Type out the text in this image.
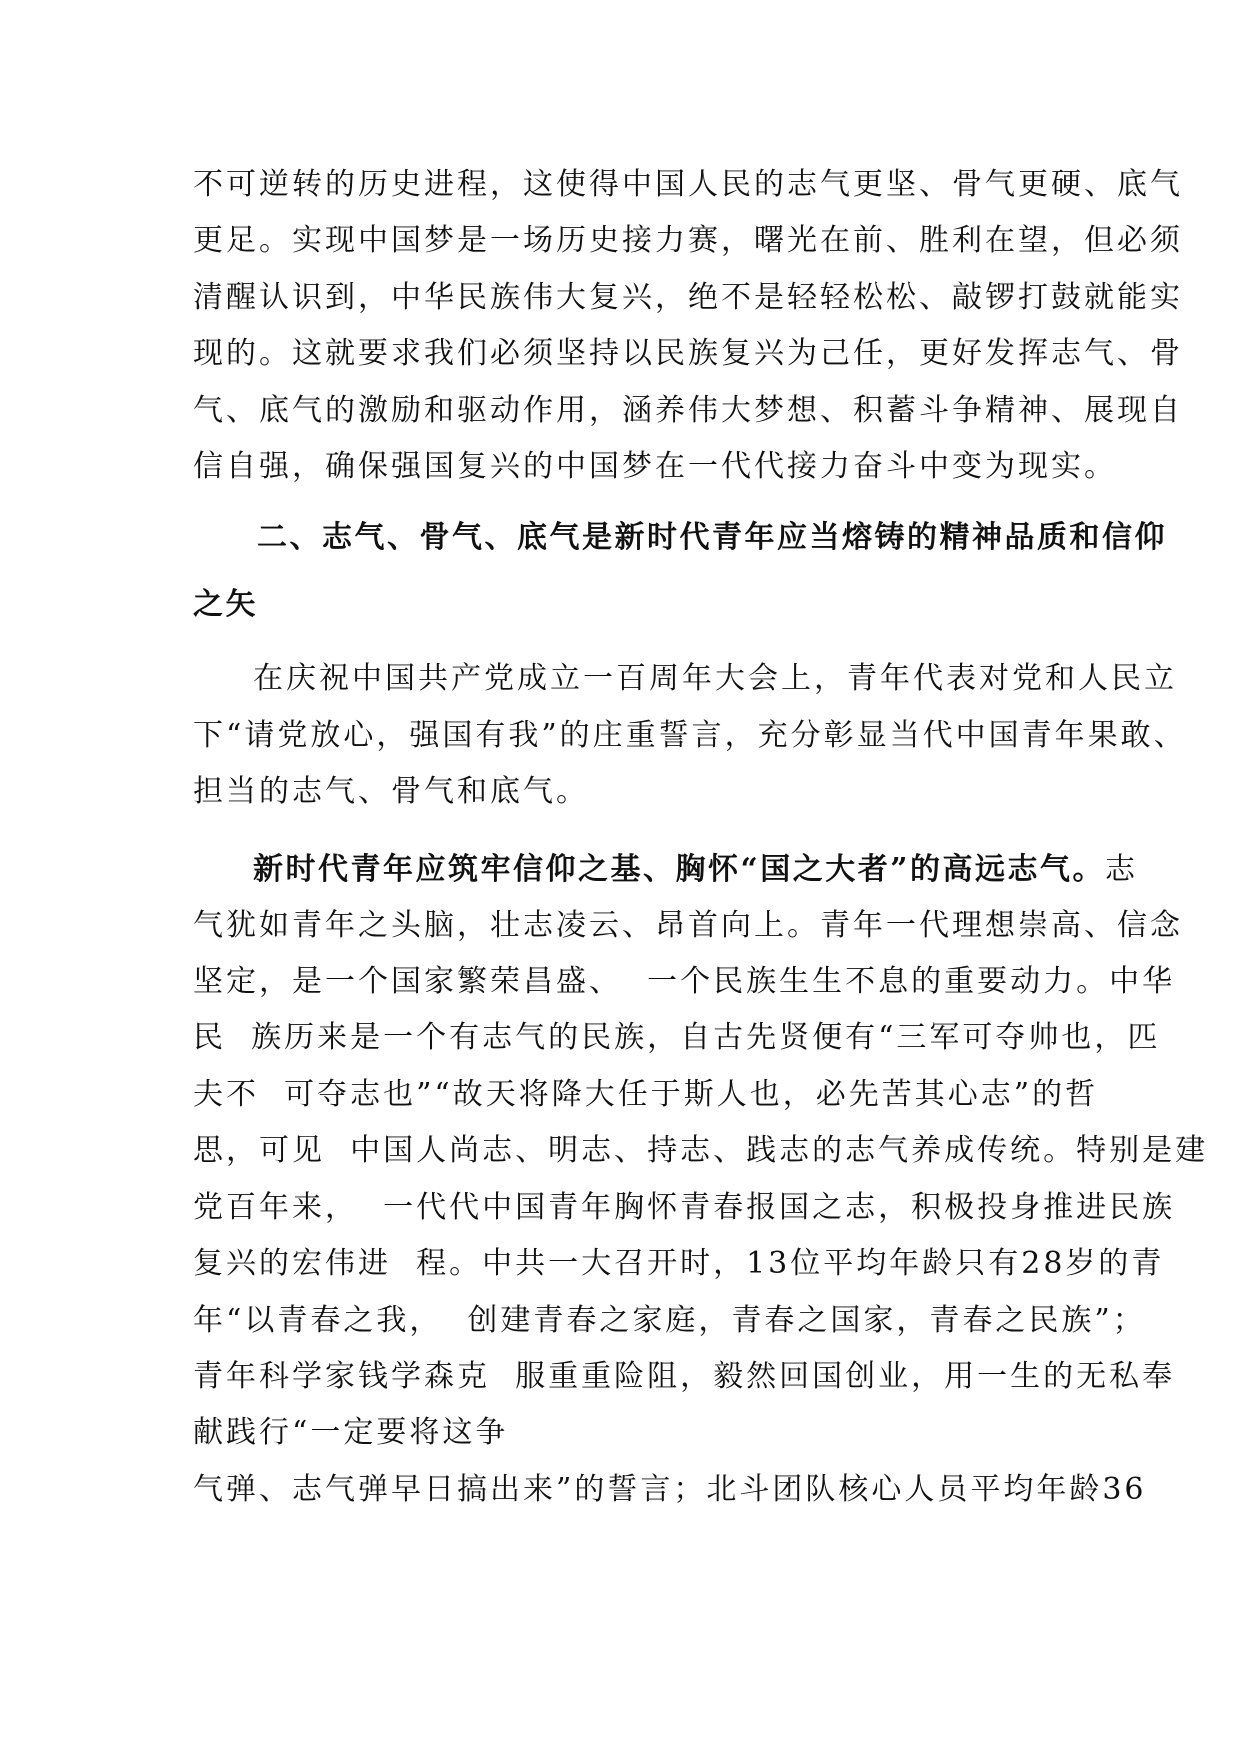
不可逆转的历史进程，这使得中国人民的志气更坚、骨气更硬、底气
更足。实现中国梦是一场历史接力赛，曙光在前、胜利在望，但必须
清醒认识到，中华民族伟大复兴，绝不是轻轻松松、敲锣打鼓就能实
现的。这就要求我们必须坚持以民族复兴为己任，更好发挥志气、骨
气、底气的激励和驱动作用，涵养伟大梦想、积蓄斗争精神、展现自
信自强，确保强国复兴的中国梦在一代代接力奋斗中变为现实。
二、志气、骨气、底气是新时代青年应当熔铸的精神品质和信仰
之矢
在庆祝中国共产党成立一百周年大会上，青年代表对党和人民立
下“请党放心，强国有我”的庄重誓言，充分彰显当代中国青年果敢、
担当的志气、骨气和底气。
新时代青年应筑牢信仰之基、胸怀“国之大者”的高远志气。志
气犹如青年之头脑，壮志凌云、昂首向上。青年一代理想崇高、信念
坚定，是一个国家繁荣昌盛、  一个民族生生不息的重要动力。中华
民  族历来是一个有志气的民族，自古先贤便有“三军可夺帅也，匹
夫不  可夺志也”“故天将降大任于斯人也，必先苦其心志”的哲
思，可见  中国人尚志、明志、持志、践志的志气养成传统。特别是建
党百年来，  一代代中国青年胸怀青春报国之志，积极投身推进民族
复兴的宏伟进  程。中共一大召开时，13位平均年龄只有28岁的青
年“以青春之我，  创建青春之家庭，青春之国家，青春之民族”；
青年科学家钱学森克  服重重险阻，毅然回国创业，用一生的无私奉
献践行“一定要将这争
气弹、志气弹早日搞出来”的誓言；北斗团队核心人员平均年龄36
